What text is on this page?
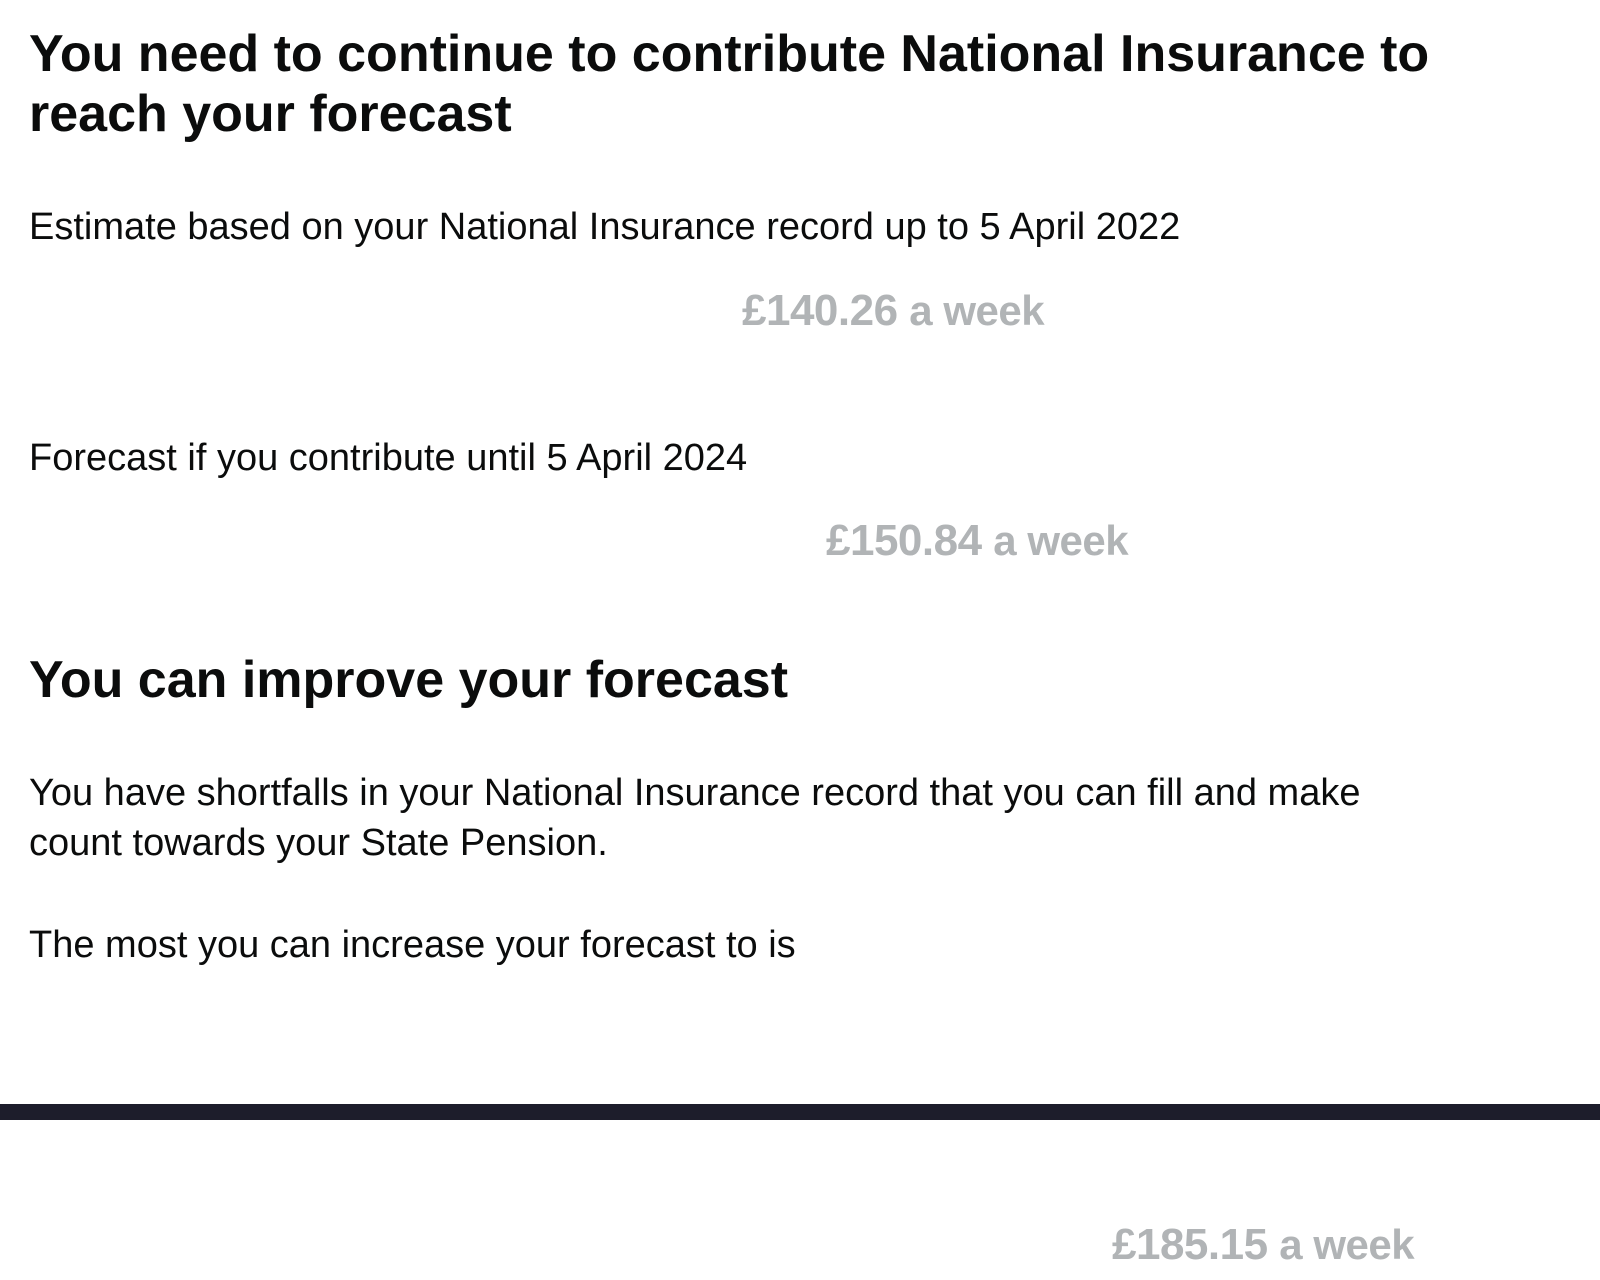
You need to continue to contribute National Insurance to reach your forecast

Estimate based on your National Insurance record up to 5 April 2022

£140.26 a week

Forecast if you contribute until 5 April 2024

£150.84 a week

You can improve your forecast

You have shortfalls in your National Insurance record that you can fill and make count towards your State Pension.

The most you can increase your forecast to is

£185.15 a week
